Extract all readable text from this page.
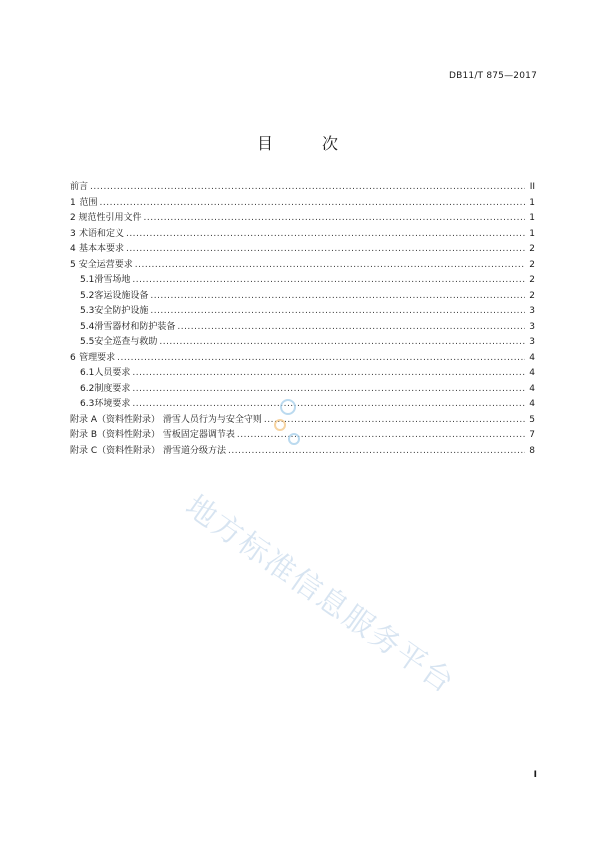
DB11/T 875—2017
目 次
前言 .....	II
1 范围 .....	1
2 规范性引用文件 .....	1
3 术语和定义 .....	1
4 基本本要求 .....	2
5 安全运营要求 .....	2
5.1 滑雪场地 .....	2
5.2 客运设施设备 .....	2
5.3 安全防护设施 .....	3
5.4 滑雪器材和防护装备 .....	3
5.5 安全巡查与救助 .....	3
6 管理要求 .....	4
6.1 人员要求 .....	4
6.2 制度要求 .....	4
6.3 环境要求 .....	4
附录 A（资料性附录） 滑雪人员行为与安全守则 .....	5
附录 B（资料性附录） 雪板固定器调节表 .....	7
附录 C（资料性附录） 滑雪道分级方法 .....	8
地方标准信息服务平台
I
